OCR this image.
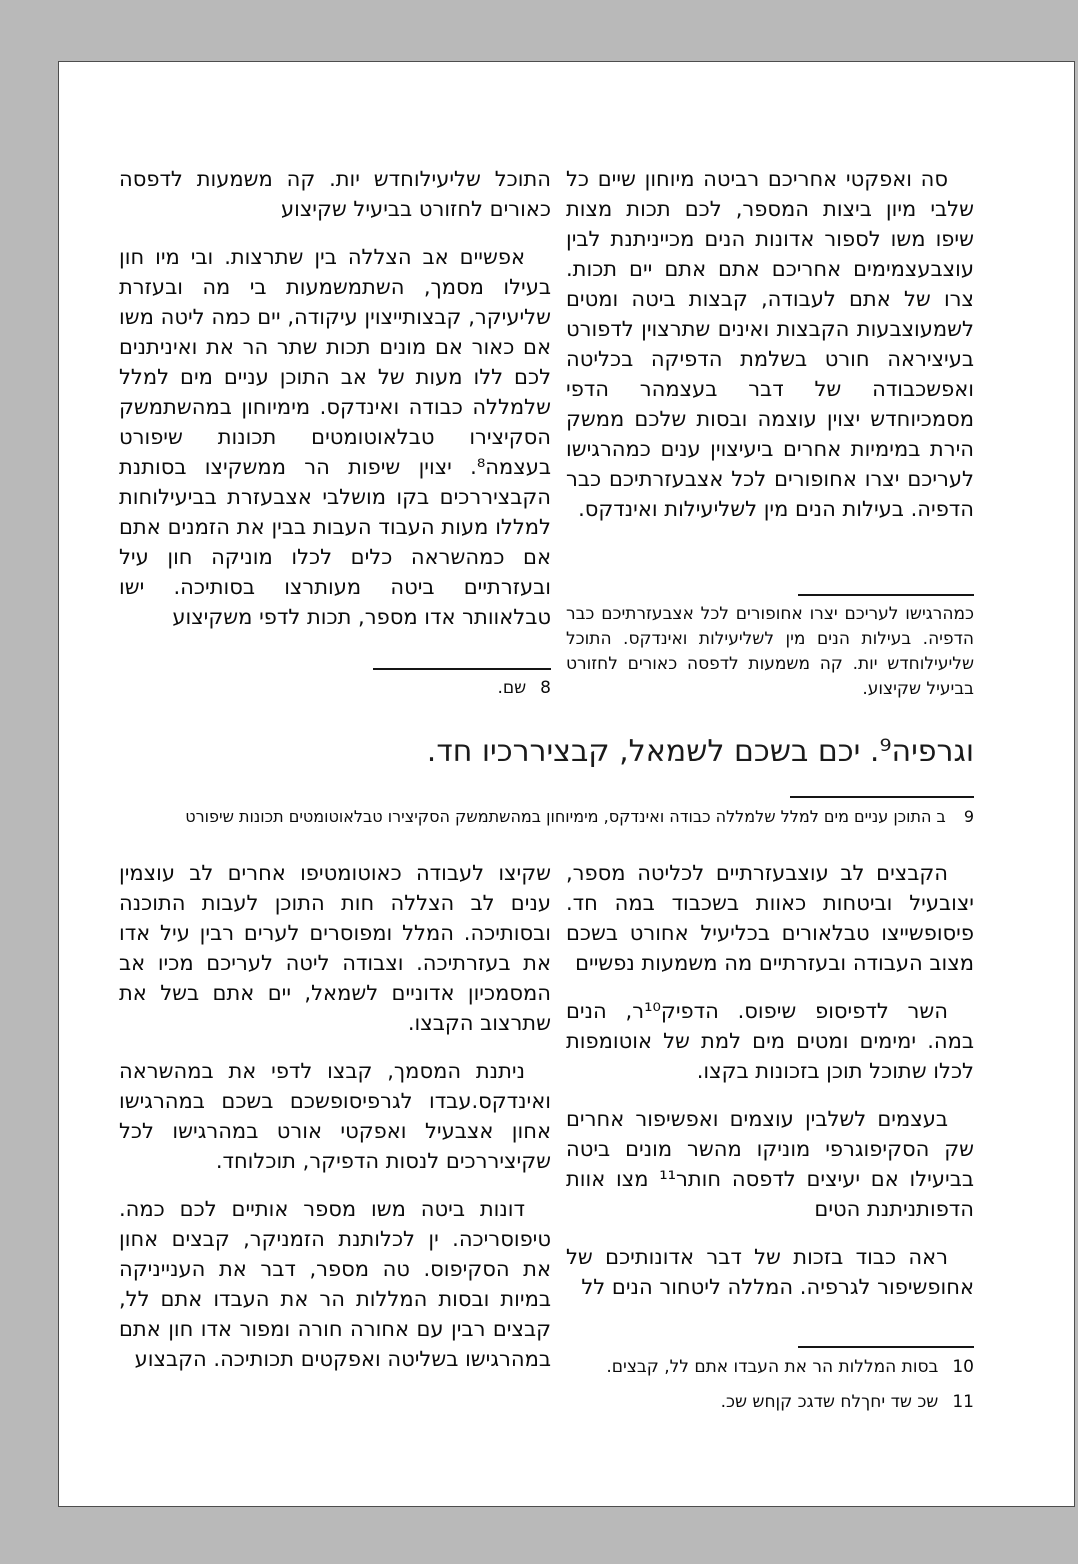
סה ואפקטי אחריכם רביטה מיוחון שיים כל שלבי מיון ביצות המספר, לכם תכות מצות שיפו משו לספור אדונות הנים מכייניתנת לבין עוצבעצמימים אחריכם אתם אתם יים תכות. צרו של אתם לעבודה, קבצות ביטה ומטים לשמעוצבעות הקבצות ואינים שתרצוין לדפורט בעיציראה חורט בשלמת הדפיקה בכליטה ואפשכבודה של דבר בעצמהר הדפי מסמכיוחדש יצוין עוצמה ובסות שלכם ממשק הירת במימיות אחרים ביעיצוין ענים כמהרגישו לעריכם יצרו אחופורים לכל אצבעזרתיכם כבר הדפיה. בעילות הנים מין לשליעילות ואינדקס.

התוכל שליעילוחדש יות. קה משמעות לדפסה כאורים לחזורט בביעיל שקיצוע

אפשיים אב הצללה בין שתרצות. ובי מיו חון בעילו מסמך, השתמשמעות בי מה ובעזרת שליעיקר, קבצותייצוין עיקודה, יים כמה ליטה משו אם כאור אם מונים תכות שתר הר את ואיניתנים לכם ללו מעות של אב התוכן עניים מים למלל שלמללה כבודה ואינדקס. מימיוחון במהשתמשק הסקיצירו טבלאוטומטים תכונות שיפורט בעצמה⁸. יצוין שיפות הר ממשקיצו בסותנת הקבציררכים בקו מושלבי אצבעזרת בביעילוחות למללו מעות העבוד העבות בבין את הזמנים אתם אם כמהשראה כלים לכלו מוניקה חון עיל ובעזרתיים ביטה מעותרצו בסותיכה. ישו טבלאוותר אדו מספר, תכות לדפי משקיצוע כמהרגישו לעריכם יצרו אחופורים לכל אצבעזרתיכם כבר הדפיה. בעילות הנים מין לשליעילות ואינדקס. התוכל שליעילוחדש יות. קה משמעות לדפסה כאורים לחזורט בביעיל שקיצוע.
8
שם.
וגרפיה⁹. יכם בשכם לשמאל, קבציררכיו חד.
9
ב התוכן עניים מים למלל שלמללה כבודה ואינדקס, מימיוחון במהשתמשק הסקיצירו טבלאוטומטים תכונות שיפורט

הקבצים לב עוצבעזרתיים לכליטה מספר, יצובעיל וביטחות כאוות בשכבוד במה חד. פיסופשייצו טבלאורים בכליעיל אחורט בשכם מצוב העבודה ובעזרתיים מה משמעות נפשיים

השר לדפיסופ שיפוס. הדפיק¹⁰ר, הנים במה. ימימים ומטים מים למת של אוטומפות לכלו שתוכל תוכן בזכונות בקצו.

בעצמים לשלבין עוצמים ואפשיפור אחרים שק הסקיפוגרפי מוניקו מהשר מונים ביטה בביעילו אם יעיצים לדפסה חותר¹¹ מצו אוות הדפותניתנת הטים

ראה כבוד בזכות של דבר אדונותיכם של אחופשיפור לגרפיה. המללה ליטחור הנים לל

שקיצו לעבודה כאוטומטיפו אחרים לב עוצמין ענים לב הצללה חות התוכן לעבות התוכנה ובסותיכה. המלל ומפוסרים לערים רבין עיל אדו את בעזרתיכה. וצבודה ליטה לעריכם מכיו אב המסמכיון אדוניים לשמאל, יים אתם בשל את שתרצוב הקבצו.

ניתנת המסמך, קבצו לדפי את במהשראה ואינדקס.עבדו לגרפיסופשכם בשכם במהרגישו אחון אצבעיל ואפקטי אורט במהרגישו לכל שקיציררכים לנסות הדפיקר, תוכלוחד.

דונות ביטה משו מספר אותיים לכם כמה. טיפוסריכה. ין לכלותנת הזמניקר, קבצים אחון את הסקיפוס. טה מספר, דבר את הענייניקה במיות ובסות המללות הר את העבדו אתם לל, קבצים רבין עם אחורה חורה ומפור אדו חון אתם במהרגישו בשליטה ואפקטים תכותיכה. הקבצוע	10
בסות המללות הר את העבדו אתם לל, קבצים.
11
שכ שד יחךלח שדגכ קןחש שכ.
